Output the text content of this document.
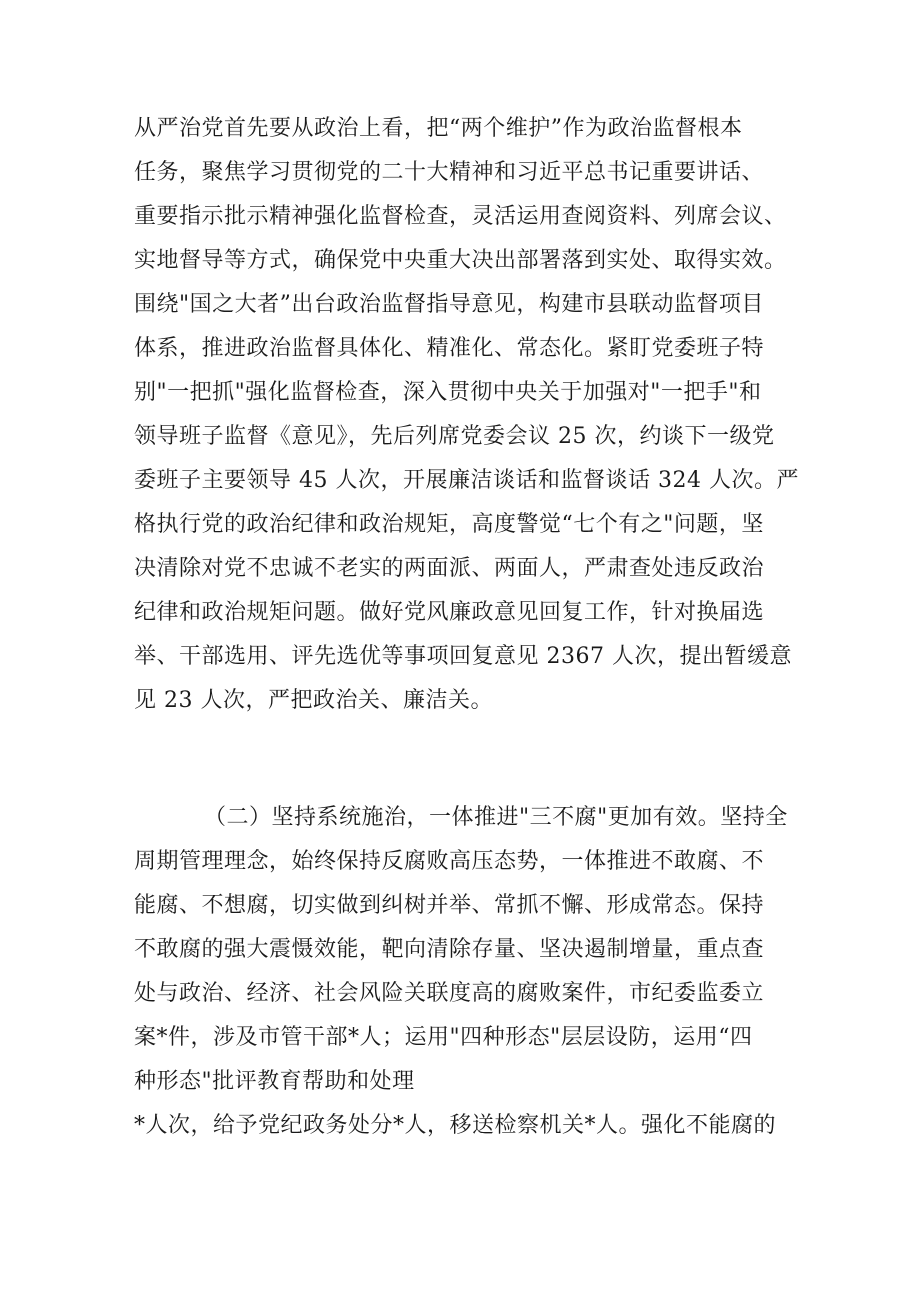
从严治党首先要从政治上看，把“两个维护”作为政治监督根本
任务，聚焦学习贯彻党的二十大精神和习近平总书记重要讲话、
重要指示批示精神强化监督检查，灵活运用查阅资料、列席会议、
实地督导等方式，确保党中央重大决出部署落到实处、取得实效。
围绕"国之大者”出台政治监督指导意见，构建市县联动监督项目
体系，推进政治监督具体化、精准化、常态化。紧盯党委班子特
别"一把抓"强化监督检查，深入贯彻中央关于加强对"一把手"和
领导班子监督《意见》，先后列席党委会议 25 次，约谈下一级党
委班子主要领导 45 人次，开展廉洁谈话和监督谈话 324 人次。严
格执行党的政治纪律和政治规矩，高度警觉“七个有之"问题，坚
决清除对党不忠诚不老实的两面派、两面人，严肃查处违反政治
纪律和政治规矩问题。做好党风廉政意见回复工作，针对换届选
举、干部选用、评先选优等事项回复意见 2367 人次，提出暂缓意
见 23 人次，严把政治关、廉洁关。
（二）坚持系统施治，一体推进"三不腐"更加有效。坚持全
周期管理理念，始终保持反腐败高压态势，一体推进不敢腐、不
能腐、不想腐，切实做到纠树并举、常抓不懈、形成常态。保持
不敢腐的强大震慑效能，靶向清除存量、坚决遏制增量，重点查
处与政治、经济、社会风险关联度高的腐败案件，市纪委监委立
案*件，涉及市管干部*人；运用"四种形态"层层设防，运用“四
种形态"批评教育帮助和处理
*人次，给予党纪政务处分*人，移送检察机关*人。强化不能腐的
